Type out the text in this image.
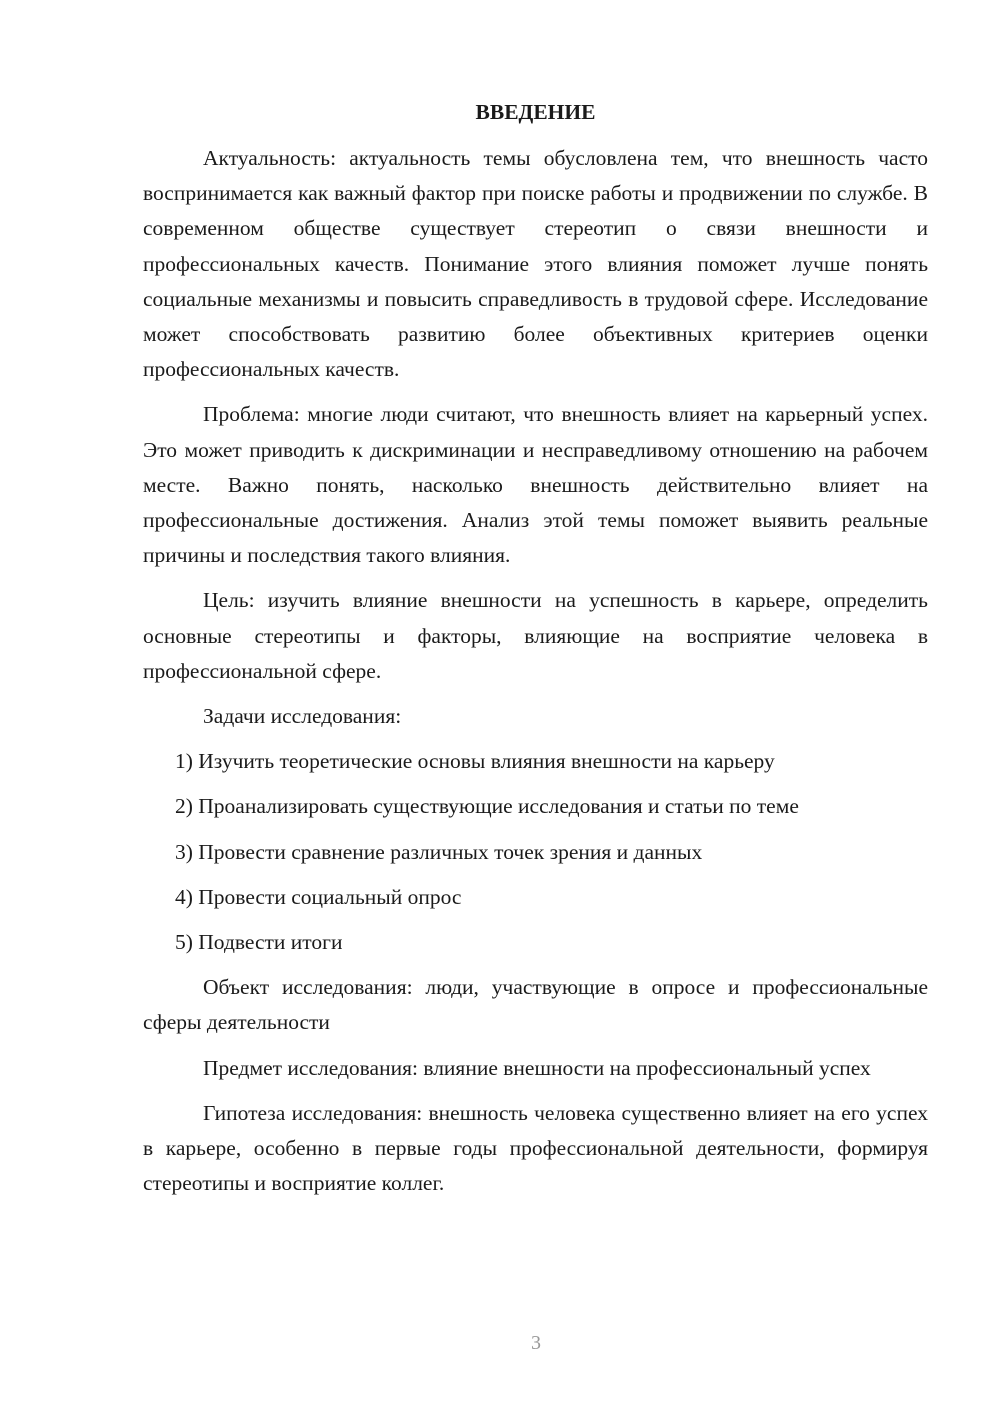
ВВЕДЕНИЕ

Актуальность: актуальность темы обусловлена тем, что внешность часто воспринимается как важный фактор при поиске работы и продвижении по службе. В современном обществе существует стереотип о связи внешности и профессиональных качеств. Понимание этого влияния поможет лучше понять социальные механизмы и повысить справедливость в трудовой сфере. Исследование может способствовать развитию более объективных критериев оценки профессиональных качеств.

Проблема: многие люди считают, что внешность влияет на карьерный успех. Это может приводить к дискриминации и несправедливому отношению на рабочем месте. Важно понять, насколько внешность действительно влияет на профессиональные достижения. Анализ этой темы поможет выявить реальные причины и последствия такого влияния.

Цель: изучить влияние внешности на успешность в карьере, определить основные стереотипы и факторы, влияющие на восприятие человека в профессиональной сфере.

Задачи исследования:

1) Изучить теоретические основы влияния внешности на карьеру
2) Проанализировать существующие исследования и статьи по теме
3) Провести сравнение различных точек зрения и данных
4) Провести социальный опрос
5) Подвести итоги

Объект исследования: люди, участвующие в опросе и профессиональные сферы деятельности

Предмет исследования: влияние внешности на профессиональный успех

Гипотеза исследования: внешность человека существенно влияет на его успех в карьере, особенно в первые годы профессиональной деятельности, формируя стереотипы и восприятие коллег.

3
